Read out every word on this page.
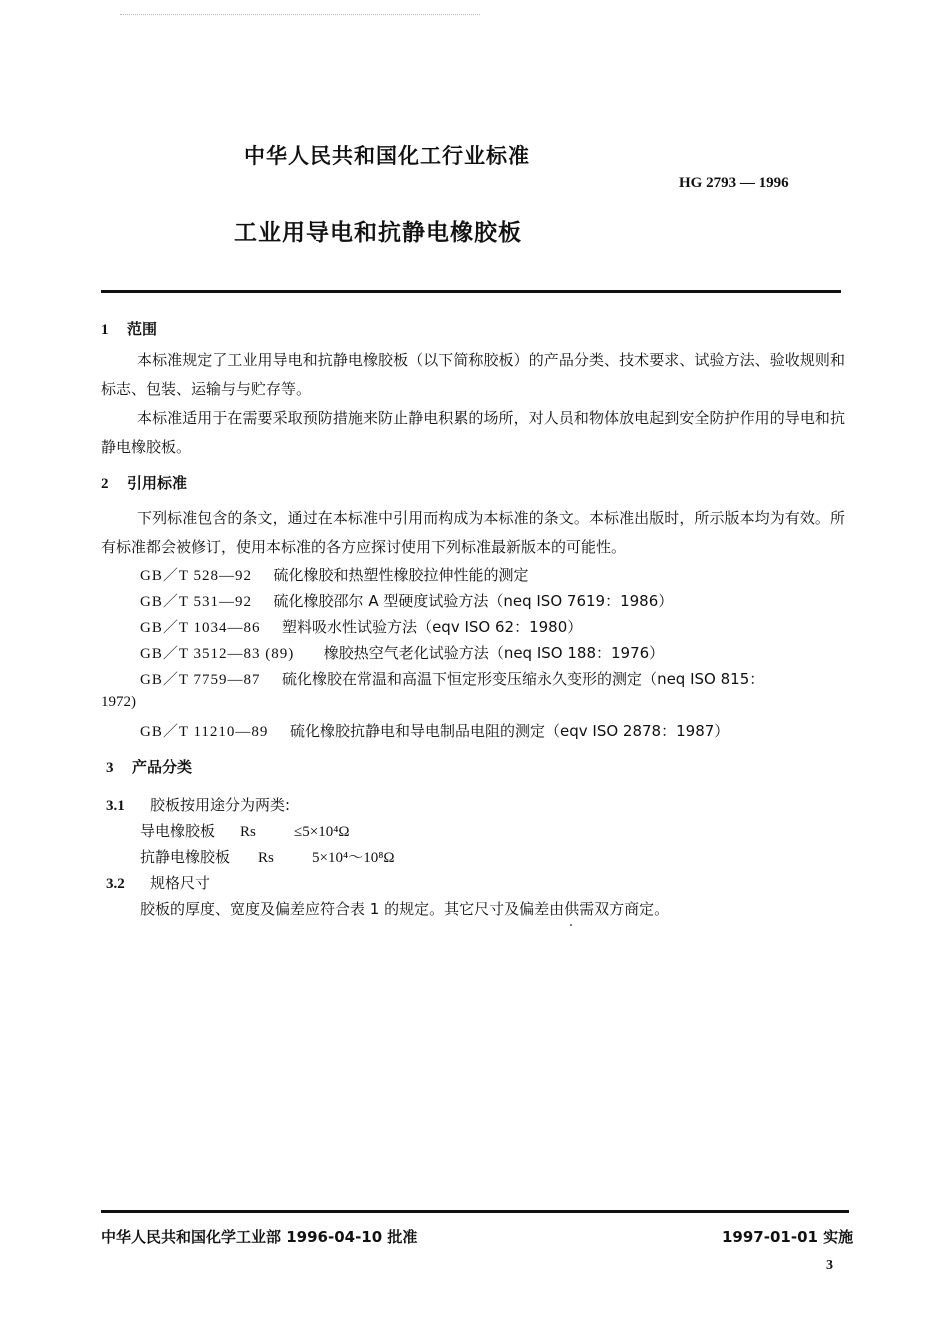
中华人民共和国化工行业标准
HG 2793 — 1996
工业用导电和抗静电橡胶板
1 范围
本标准规定了工业用导电和抗静电橡胶板（以下简称胶板）的产品分类、技术要求、试验方法、验收规则和标志、包装、运输与与贮存等。
本标准适用于在需要采取预防措施来防止静电积累的场所，对人员和物体放电起到安全防护作用的导电和抗静电橡胶板。
2 引用标准
下列标准包含的条文，通过在本标准中引用而构成为本标准的条文。本标准出版时，所示版本均为有效。所有标准都会被修订，使用本标准的各方应探讨使用下列标准最新版本的可能性。
GB／T 528—92 硫化橡胶和热塑性橡胶拉伸性能的测定
GB／T 531—92 硫化橡胶邵尔 A 型硬度试验方法（neq ISO 7619：1986）
GB／T 1034—86 塑料吸水性试验方法（eqv ISO 62：1980）
GB／T 3512—83 (89) 橡胶热空气老化试验方法（neq ISO 188：1976）
GB／T 7759—87 硫化橡胶在常温和高温下恒定形变压缩永久变形的测定（neq ISO 815：
1972)
GB／T 11210—89 硫化橡胶抗静电和导电制品电阻的测定（eqv ISO 2878：1987）
3 产品分类
3.1 胶板按用途分为两类:
导电橡胶板 Rs	≤5×10⁴Ω
抗静电橡胶板 Rs	5×10⁴～10⁸Ω
3.2 规格尺寸
胶板的厚度、宽度及偏差应符合表 1 的规定。其它尺寸及偏差由供需双方商定。
中华人民共和国化学工业部 1996-04-10 批准	1997-01-01 实施
3
